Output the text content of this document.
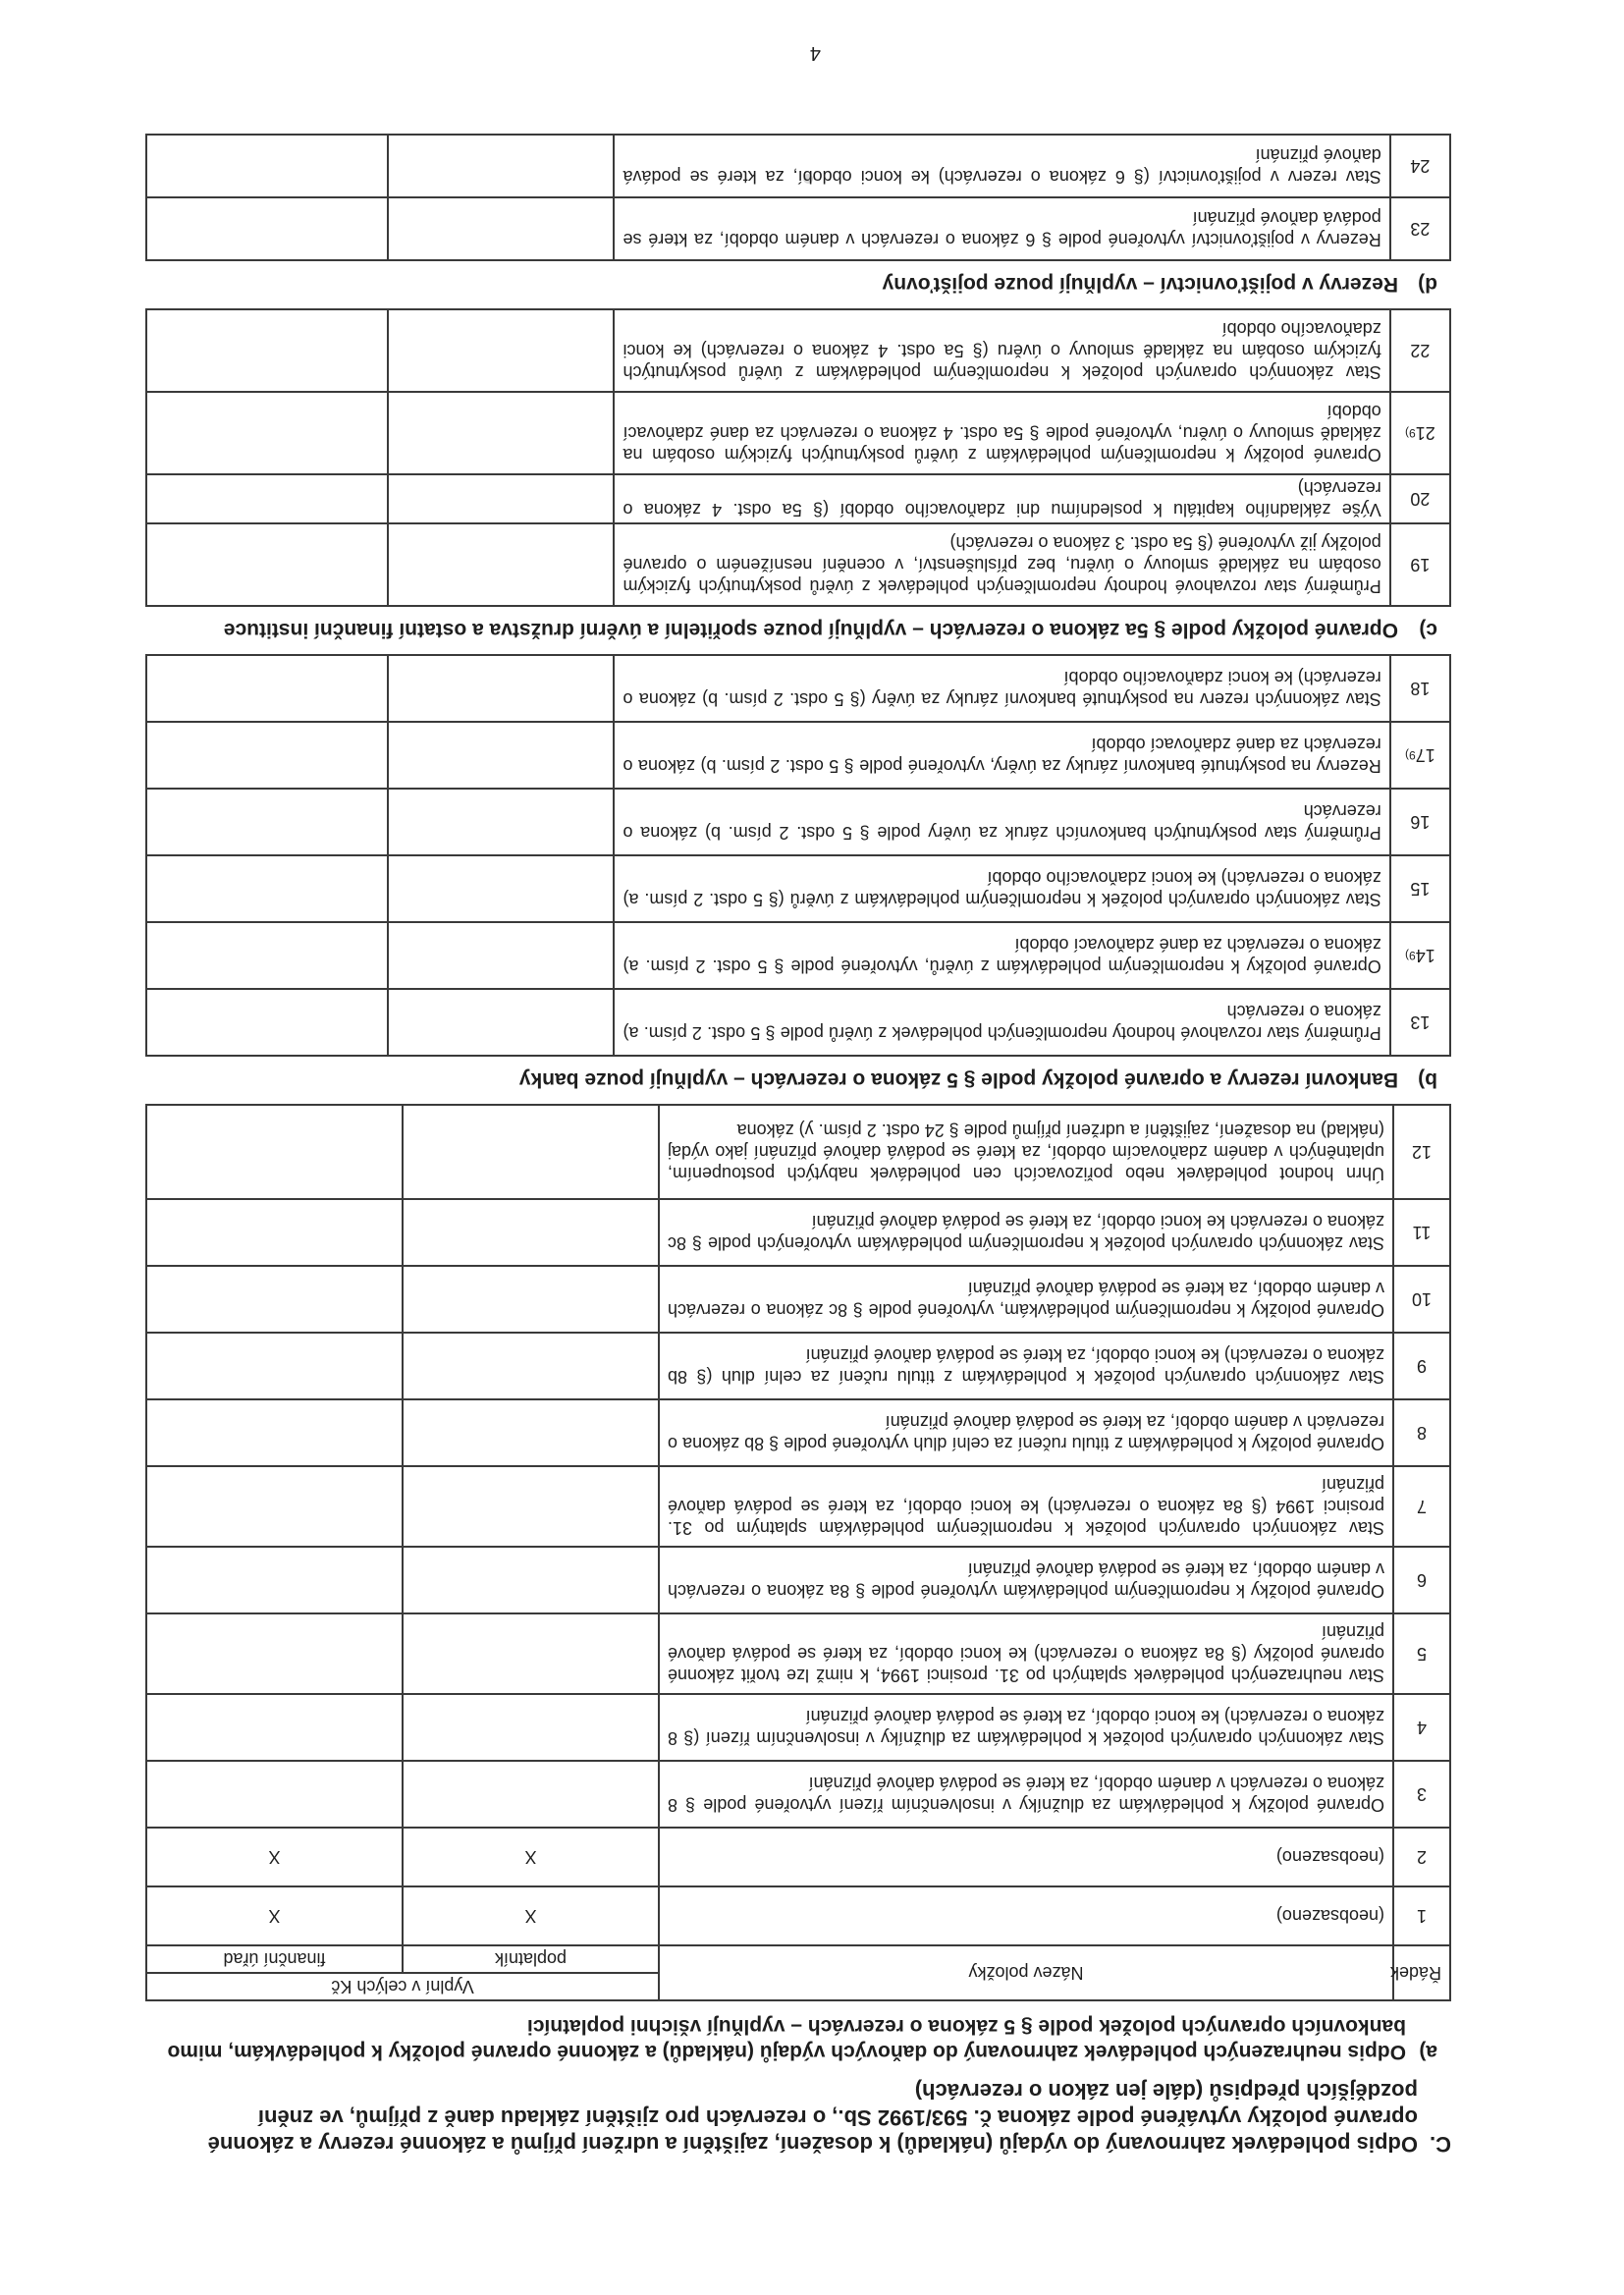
C.
Odpis pohledávek zahrnovaný do výdajů (nákladů) k dosažení, zajištění a udržení příjmů a zákonné rezervy a zákonné opravné položky vytvářené podle zákona č. 593/1992 Sb., o rezervách pro zjištění základu daně z příjmů, ve znění pozdějších předpisů (dále jen zákon o rezervách)
a)
Odpis neuhrazených pohledávek zahrnovaný do daňových výdajů (nákladů) a zákonné opravné položky k pohledávkám, mimo bankovních opravných položek podle § 5 zákona o rezervách – vyplňují všichni poplatníci
Řádek	Název položky	Vyplní v celých Kč	
		poplatník	finanční úřad
1	(neobsazeno)	X	X
2	(neobsazeno)	X	X
3	Opravné položky k pohledávkám za dlužníky v insolvenčním řízení vytvořené podle § 8 zákona o rezervách v daném období, za které se podává daňové přiznání		
4	Stav zákonných opravných položek k pohledávkám za dlužníky v insolvenčním řízení (§ 8 zákona o rezervách) ke konci období, za které se podává daňové přiznání		
5	Stav neuhrazených pohledávek splatných po 31. prosinci 1994, k nimž lze tvořit zákonné opravné položky (§ 8a zákona o rezervách) ke konci období, za které se podává daňové přiznání		
6	Opravné položky k nepromlčeným pohledávkám vytvořené podle § 8a zákona o rezervách v daném období, za které se podává daňové přiznání		
7	Stav zákonných opravných položek k nepromlčeným pohledávkám splatným po 31. prosinci 1994 (§ 8a zákona o rezervách) ke konci období, za které se podává daňové přiznání		
8	Opravné položky k pohledávkám z titulu ručení za celní dluh vytvořené podle § 8b zákona o rezervách v daném období, za které se podává daňové přiznání		
9	Stav zákonných opravných položek k pohledávkám z titulu ručení za celní dluh (§ 8b zákona o rezervách) ke konci období, za které se podává daňové přiznání		
10	Opravné položky k nepromlčeným pohledávkám, vytvořené podle § 8c zákona o rezervách v daném období, za které se podává daňové přiznání		
11	Stav zákonných opravných položek k nepromlčeným pohledávkám vytvořených podle § 8c zákona o rezervách ke konci období, za které se podává daňové přiznání		
12	Úhrn hodnot pohledávek nebo pořizovacích cen pohledávek nabytých postoupením, uplatněných v daném zdaňovacím období, za které se podává daňové přiznání jako výdaj (náklad) na dosažení, zajištění a udržení příjmů podle § 24 odst. 2 písm. y) zákona		
b)
Bankovní rezervy a opravné položky podle § 5 zákona o rezervách – vyplňují pouze banky
13	Průměrný stav rozvahové hodnoty nepromlčených pohledávek z úvěrů podle § 5 odst. 2 písm. a) zákona o rezervách		
14$^{9)}$	Opravné položky k nepromlčeným pohledávkám z úvěrů, vytvořené podle § 5 odst. 2 písm. a) zákona o rezervách za dané zdaňovací období		
15	Stav zákonných opravných položek k nepromlčeným pohledávkám z úvěrů (§ 5 odst. 2 písm. a) zákona o rezervách) ke konci zdaňovacího období		
16	Průměrný stav poskytnutých bankovních záruk za úvěry podle § 5 odst. 2 písm. b) zákona o rezervách		
17$^{9)}$	Rezervy na poskytnuté bankovní záruky za úvěry, vytvořené podle § 5 odst. 2 písm. b) zákona o rezervách za dané zdaňovací období		
18	Stav zákonných rezerv na poskytnuté bankovní záruky za úvěry (§ 5 odst. 2 písm. b) zákona o rezervách) ke konci zdaňovacího období		
c)
Opravné položky podle § 5a zákona o rezervách – vyplňují pouze spořitelní a úvěrní družstva a ostatní finanční instituce
19	Průměrný stav rozvahové hodnoty nepromlčených pohledávek z úvěrů poskytnutých fyzickým osobám na základě smlouvy o úvěru, bez příslušenství, v ocenění nesníženém o opravné položky již vytvořené (§ 5a odst. 3 zákona o rezervách)		
20	Výše základního kapitálu k poslednímu dni zdaňovacího období (§ 5a odst. 4 zákona o rezervách)		
21$^{9)}$	Opravné položky k nepromlčeným pohledávkám z úvěrů poskytnutých fyzickým osobám na základě smlouvy o úvěru, vytvořené podle § 5a odst. 4 zákona o rezervách za dané zdaňovací období		
22	Stav zákonných opravných položek k nepromlčeným pohledávkám z úvěrů poskytnutých fyzickým osobám na základě smlouvy o úvěru (§ 5a odst. 4 zákona o rezervách) ke konci zdaňovacího období		
d)
Rezervy v pojišťovnictví – vyplňují pouze pojišťovny
23	Rezervy v pojišťovnictví vytvořené podle § 6 zákona o rezervách v daném období, za které se podává daňové přiznání		
24	Stav rezerv v pojišťovnictví (§ 6 zákona o rezervách) ke konci období, za které se podává daňové přiznání		
4
